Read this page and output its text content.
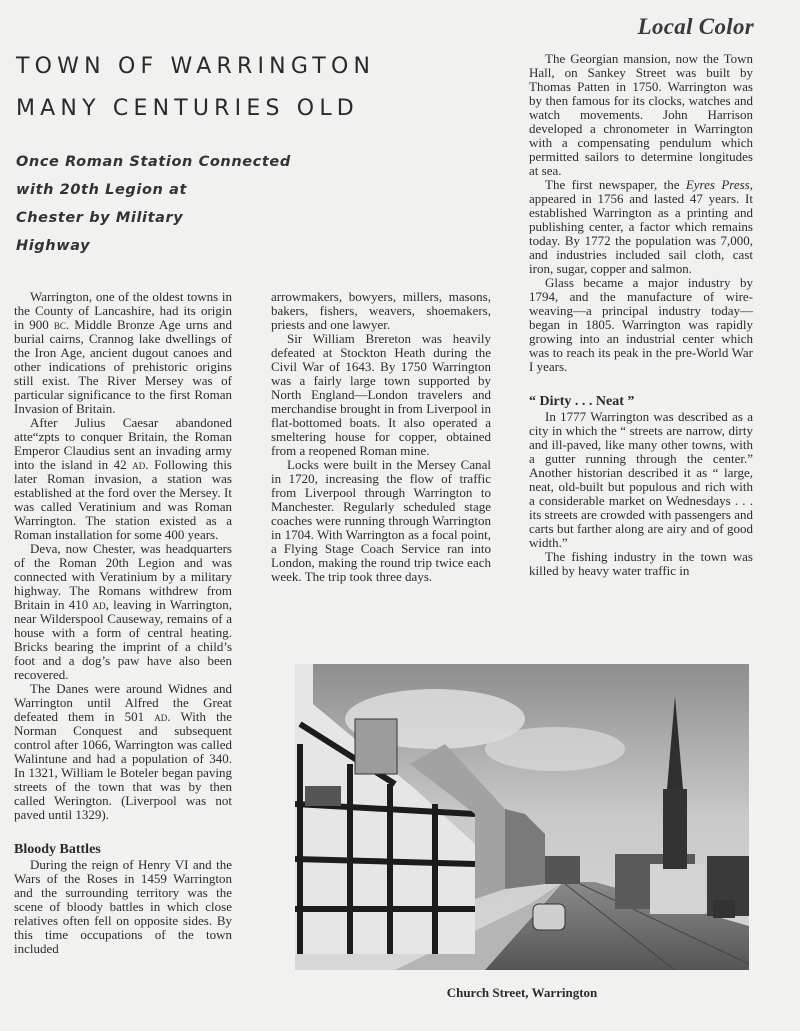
Local Color
TOWN OF WARRINGTON
MANY CENTURIES OLD
Once Roman Station Connected
with 20th Legion at
Chester by Military
Highway

Warrington, one of the oldest towns in the County of Lancashire, had its origin in 900 bc. Middle Bronze Age urns and burial cairns, Crannog lake dwellings of the Iron Age, ancient dugout canoes and other indications of prehistoric origins still exist. The River Mersey was of particular significance to the first Roman Invasion of Britain.

After Julius Caesar abandoned atte“zpts to conquer Britain, the Roman Emperor Claudius sent an invading army into the island in 42 ad. Following this later Roman invasion, a station was established at the ford over the Mersey. It was called Veratinium and was Roman Warrington. The station existed as a Roman installation for some 400 years.

Deva, now Chester, was headquarters of the Roman 20th Legion and was connected with Veratinium by a military highway. The Romans withdrew from Britain in 410 ad, leaving in Warrington, near Wilderspool Causeway, remains of a house with a form of central heating. Bricks bearing the imprint of a child’s foot and a dog’s paw have also been recovered.

The Danes were around Widnes and Warrington until Alfred the Great defeated them in 501 ad. With the Norman Conquest and subsequent control after 1066, Warrington was called Walintune and had a population of 340. In 1321, William le Boteler began paving streets of the town that was by then called Werington. (Liverpool was not paved until 1329).

Bloody Battles

During the reign of Henry VI and the Wars of the Roses in 1459 Warrington and the surrounding territory was the scene of bloody battles in which close relatives often fell on opposite sides. By this time occupations of the town included

arrowmakers, bowyers, millers, masons, bakers, fishers, weavers, shoemakers, priests and one lawyer.

Sir William Brereton was heavily defeated at Stockton Heath during the Civil War of 1643. By 1750 Warrington was a fairly large town supported by North England—London travelers and merchandise brought in from Liverpool in flat-bottomed boats. It also operated a smeltering house for copper, obtained from a reopened Roman mine.

Locks were built in the Mersey Canal in 1720, increasing the flow of traffic from Liverpool through Warrington to Manchester. Regularly scheduled stage coaches were running through Warrington in 1704. With Warrington as a focal point, a Flying Stage Coach Service ran into London, making the round trip twice each week. The trip took three days.

The Georgian mansion, now the Town Hall, on Sankey Street was built by Thomas Patten in 1750. Warrington was by then famous for its clocks, watches and watch movements. John Harrison developed a chronometer in Warrington with a compensating pendulum which permitted sailors to determine longitudes at sea.

The first newspaper, the Eyres Press, appeared in 1756 and lasted 47 years. It established Warrington as a printing and publishing center, a factor which remains today. By 1772 the population was 7,000, and industries included sail cloth, cast iron, sugar, copper and salmon.

Glass became a major industry by 1794, and the manufacture of wire-weaving—a principal industry today—began in 1805. Warrington was rapidly growing into an industrial center which was to reach its peak in the pre-World War I years.

“ Dirty . . . Neat ”

In 1777 Warrington was described as a city in which the “ streets are narrow, dirty and ill-paved, like many other towns, with a gutter running through the center.” Another historian described it as “ large, neat, old-built but populous and rich with a considerable market on Wednesdays . . . its streets are crowded with passengers and carts but farther along are airy and of good width.”

The fishing industry in the town was killed by heavy water traffic in

Church Street, Warrington
